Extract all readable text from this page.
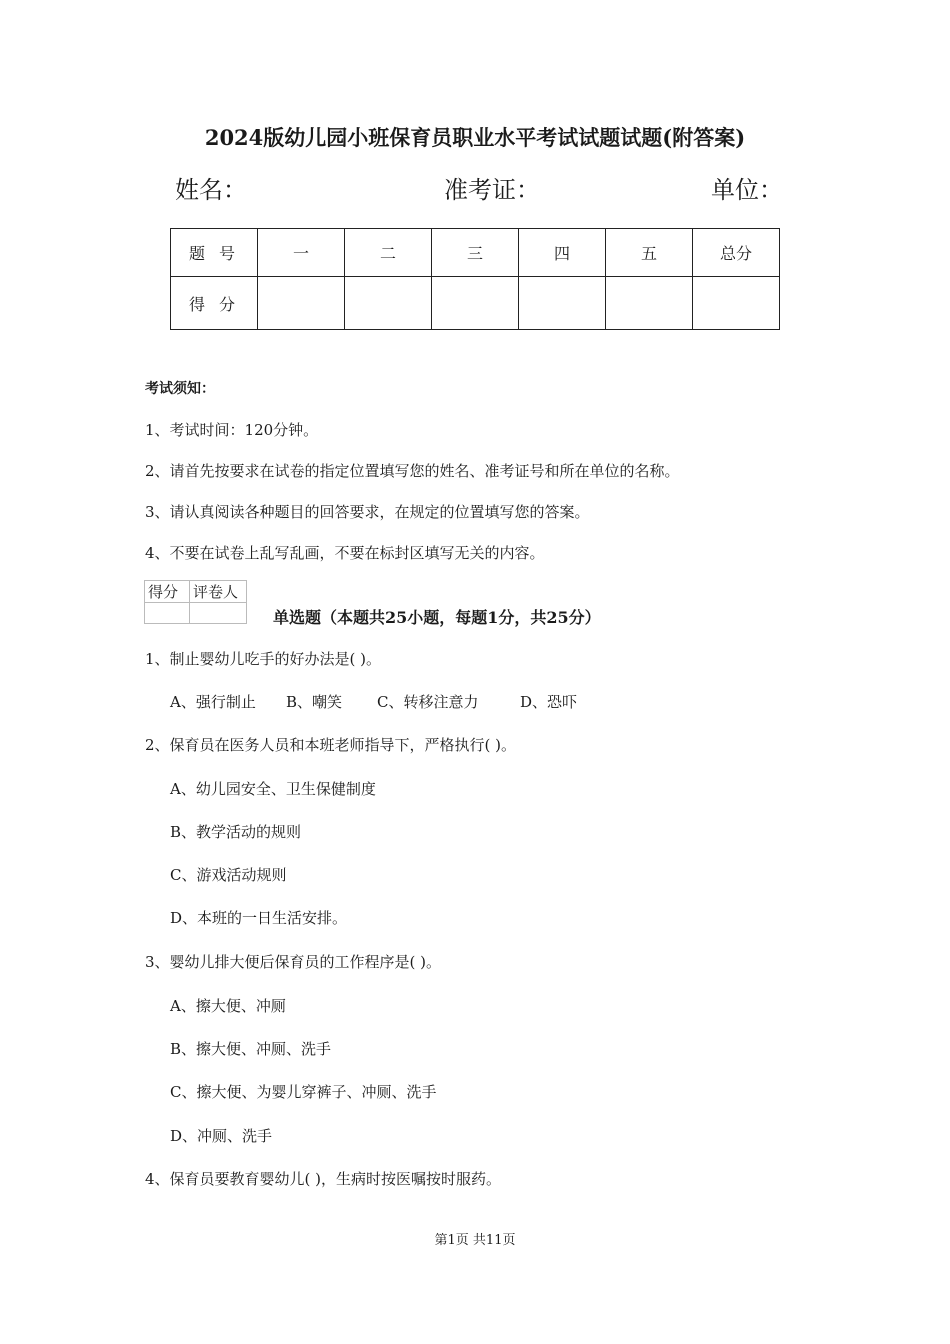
2024版幼儿园小班保育员职业水平考试试题试题(附答案)
姓名：	准考证：	单位：
题号	一	二	三	四	五	总分
得分						
考试须知：
1、考试时间：120分钟。
2、请首先按要求在试卷的指定位置填写您的姓名、准考证号和所在单位的名称。
3、请认真阅读各种题目的回答要求，在规定的位置填写您的答案。
4、不要在试卷上乱写乱画，不要在标封区填写无关的内容。
得分	评卷人

单选题（本题共25小题，每题1分，共25分）
1、制止婴幼儿吃手的好办法是( )。
A、强行制止 B、嘲笑 C、转移注意力	D、恐吓
2、保育员在医务人员和本班老师指导下，严格执行( )。
A、幼儿园安全、卫生保健制度
B、教学活动的规则
C、游戏活动规则
D、本班的一日生活安排。
3、婴幼儿排大便后保育员的工作程序是( )。
A、擦大便、冲厕
B、擦大便、冲厕、洗手
C、擦大便、为婴儿穿裤子、冲厕、洗手
D、冲厕、洗手
4、保育员要教育婴幼儿( )，生病时按医嘱按时服药。
第1页 共11页
